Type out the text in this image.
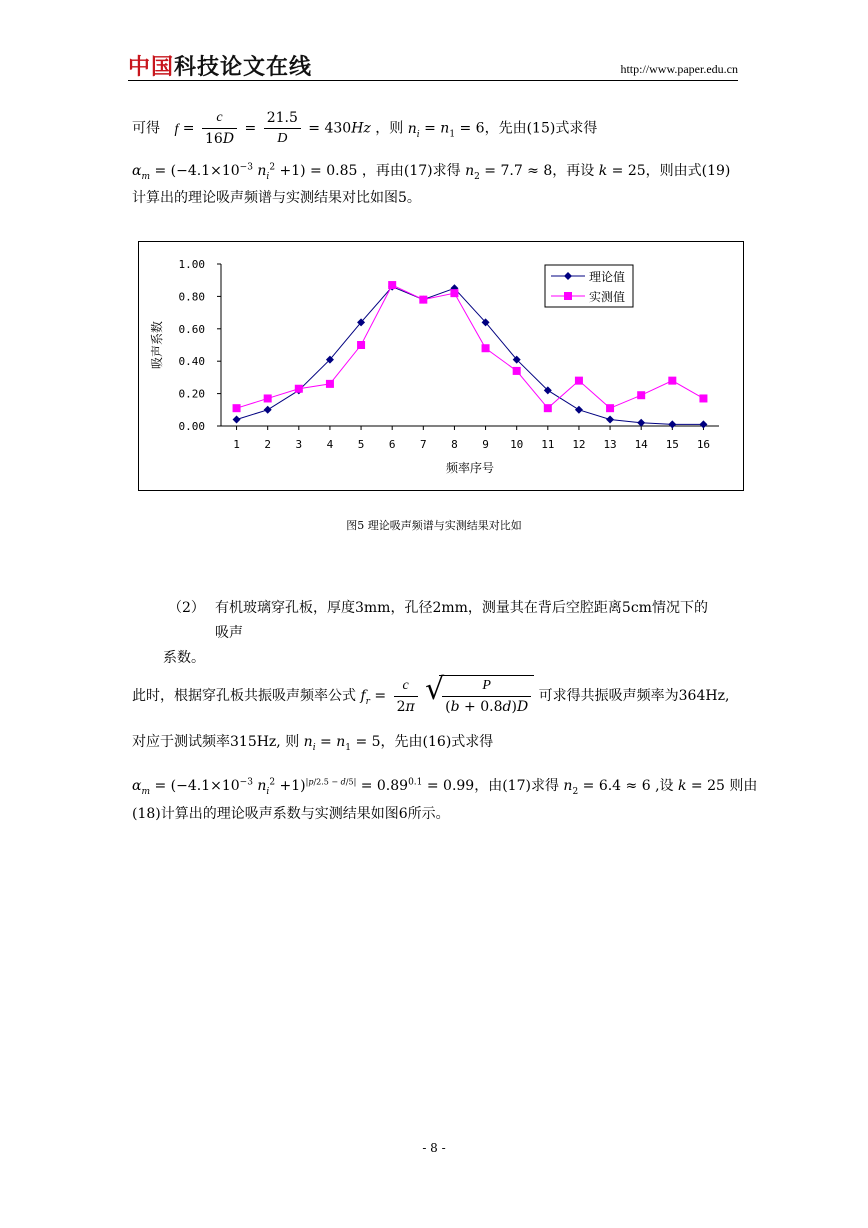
中国科技论文在线	http://www.paper.edu.cn
可得 $f = \frac{c}{16D} = \frac{21.5}{D} = 430Hz$ ，则 $n_i = n_1 = 6$，先由(15)式求得
$\alpha_m = (-4.1\times 10^{-3}$ $n_i^2 +1) = 0.85$ ，再由(17)求得 $n_2 = 7.7 \approx 8$，再设 k = 25，则由式(19)
计算出的理论吸声频谱与实测结果对比如图5。
0.00
0.20
0.40
0.60
0.80
1.00
1 2 3 4 5 6 7 8 9 10 11 12 13 14 15 16
频率序号
吸声系数
理论值
实测值
图5 理论吸声频谱与实测结果对比如
（2） 有机玻璃穿孔板，厚度3mm，孔径2mm，测量其在背后空腔距离5cm情况下的
吸声
系数。
此时，根据穿孔板共振吸声频率公式 $f_r = \frac{c}{2\pi}$

√ $\frac{P}{(b + 0.8d)D}$ 可求得共振吸声频率为364Hz,
对应于测试频率315Hz, 则 $n_i = n_1 = 5$，先由(16)式求得
$\alpha_m = (-4.1\times 10^{-3}$ $n_i^2 +1)^{|p/2.5 - d/5|} = 0.89^{0.1} = 0.99$，由(17)求得 $n_2 = 6.4 \approx 6$ ,设 k = 25 则由
(18)计算出的理论吸声系数与实测结果如图6所示。
- 8 -
